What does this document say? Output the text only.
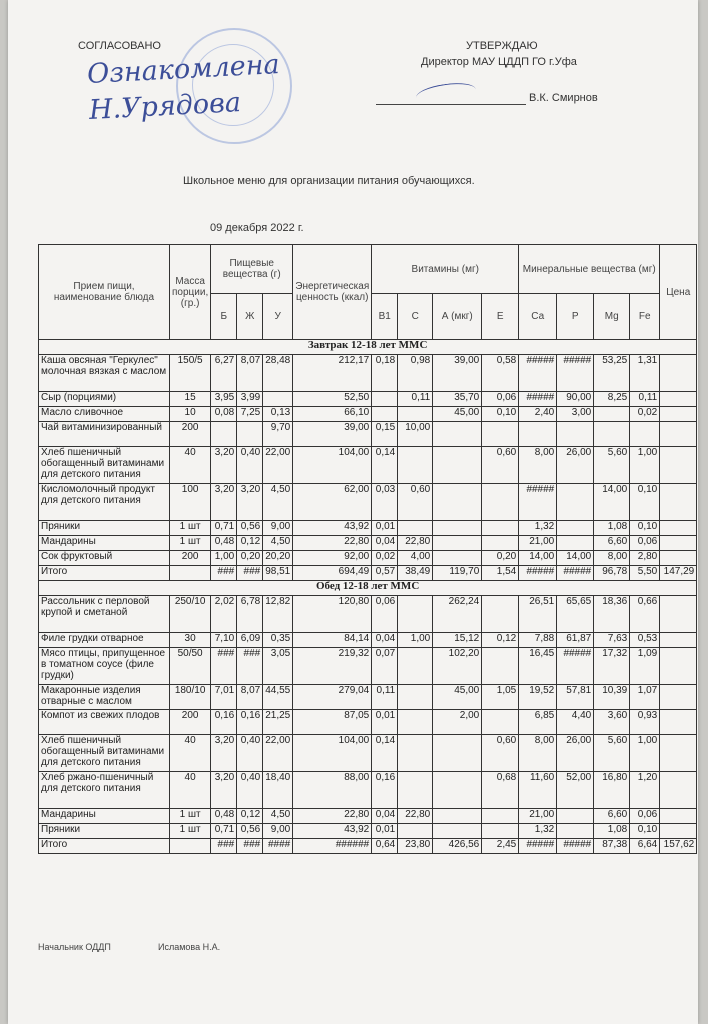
Ознакомлена
Н.Урядова
СОГЛАСОВАНО	УТВЕРЖДАЮ
Директор МАУ ЦДДП ГО г.Уфа
В.К. Смирнов
Школьное меню для организации питания обучающихся.
09 декабря 2022 г.
Прием пищи, наименование блюда	Масса порции, (гр.)	Пищевые вещества (г)			Энергетическая ценность (ккал)	Витамины (мг)				Минеральные вещества (мг)				Цена
		Б	Ж	У		В1	С	А (мкг)	Е	Са	Р	Mg	Fe	
Завтрак 12-18 лет ММС														
Каша овсяная "Геркулес" молочная вязкая с маслом	150/5	6,27	8,07	28,48	212,17	0,18	0,98	39,00	0,58	#####	#####	53,25	1,31	
Сыр (порциями)	15	3,95	3,99		52,50		0,11	35,70	0,06	#####	90,00	8,25	0,11	
Масло сливочное	10	0,08	7,25	0,13	66,10			45,00	0,10	2,40	3,00		0,02	
Чай витаминизированный	200			9,70	39,00	0,15	10,00							
Хлеб пшеничный обогащенный витаминами для детского питания	40	3,20	0,40	22,00	104,00	0,14			0,60	8,00	26,00	5,60	1,00	
Кисломолочный продукт для детского питания	100	3,20	3,20	4,50	62,00	0,03	0,60			#####		14,00	0,10	
Пряники	1 шт	0,71	0,56	9,00	43,92	0,01				1,32		1,08	0,10	
Мандарины	1 шт	0,48	0,12	4,50	22,80	0,04	22,80			21,00		6,60	0,06	
Сок фруктовый	200	1,00	0,20	20,20	92,00	0,02	4,00		0,20	14,00	14,00	8,00	2,80	
Итого		###	###	98,51	694,49	0,57	38,49	119,70	1,54	#####	#####	96,78	5,50	147,29
Обед 12-18 лет ММС														
Рассольник с перловой крупой и сметаной	250/10	2,02	6,78	12,82	120,80	0,06		262,24		26,51	65,65	18,36	0,66	
Филе грудки отварное	30	7,10	6,09	0,35	84,14	0,04	1,00	15,12	0,12	7,88	61,87	7,63	0,53	
Мясо птицы, припущенное в томатном соусе (филе грудки)	50/50	###	###	3,05	219,32	0,07		102,20		16,45	#####	17,32	1,09	
Макаронные изделия отварные с маслом	180/10	7,01	8,07	44,55	279,04	0,11		45,00	1,05	19,52	57,81	10,39	1,07	
Компот из свежих плодов	200	0,16	0,16	21,25	87,05	0,01		2,00		6,85	4,40	3,60	0,93	
Хлеб пшеничный обогащенный витаминами для детского питания	40	3,20	0,40	22,00	104,00	0,14			0,60	8,00	26,00	5,60	1,00	
Хлеб ржано-пшеничный для детского питания	40	3,20	0,40	18,40	88,00	0,16			0,68	11,60	52,00	16,80	1,20	
Мандарины	1 шт	0,48	0,12	4,50	22,80	0,04	22,80			21,00		6,60	0,06	
Пряники	1 шт	0,71	0,56	9,00	43,92	0,01				1,32		1,08	0,10	
Итого		###	###	####	######	0,64	23,80	426,56	2,45	#####	#####	87,38	6,64	157,62
Начальник ОДДП	Исламова Н.А.
